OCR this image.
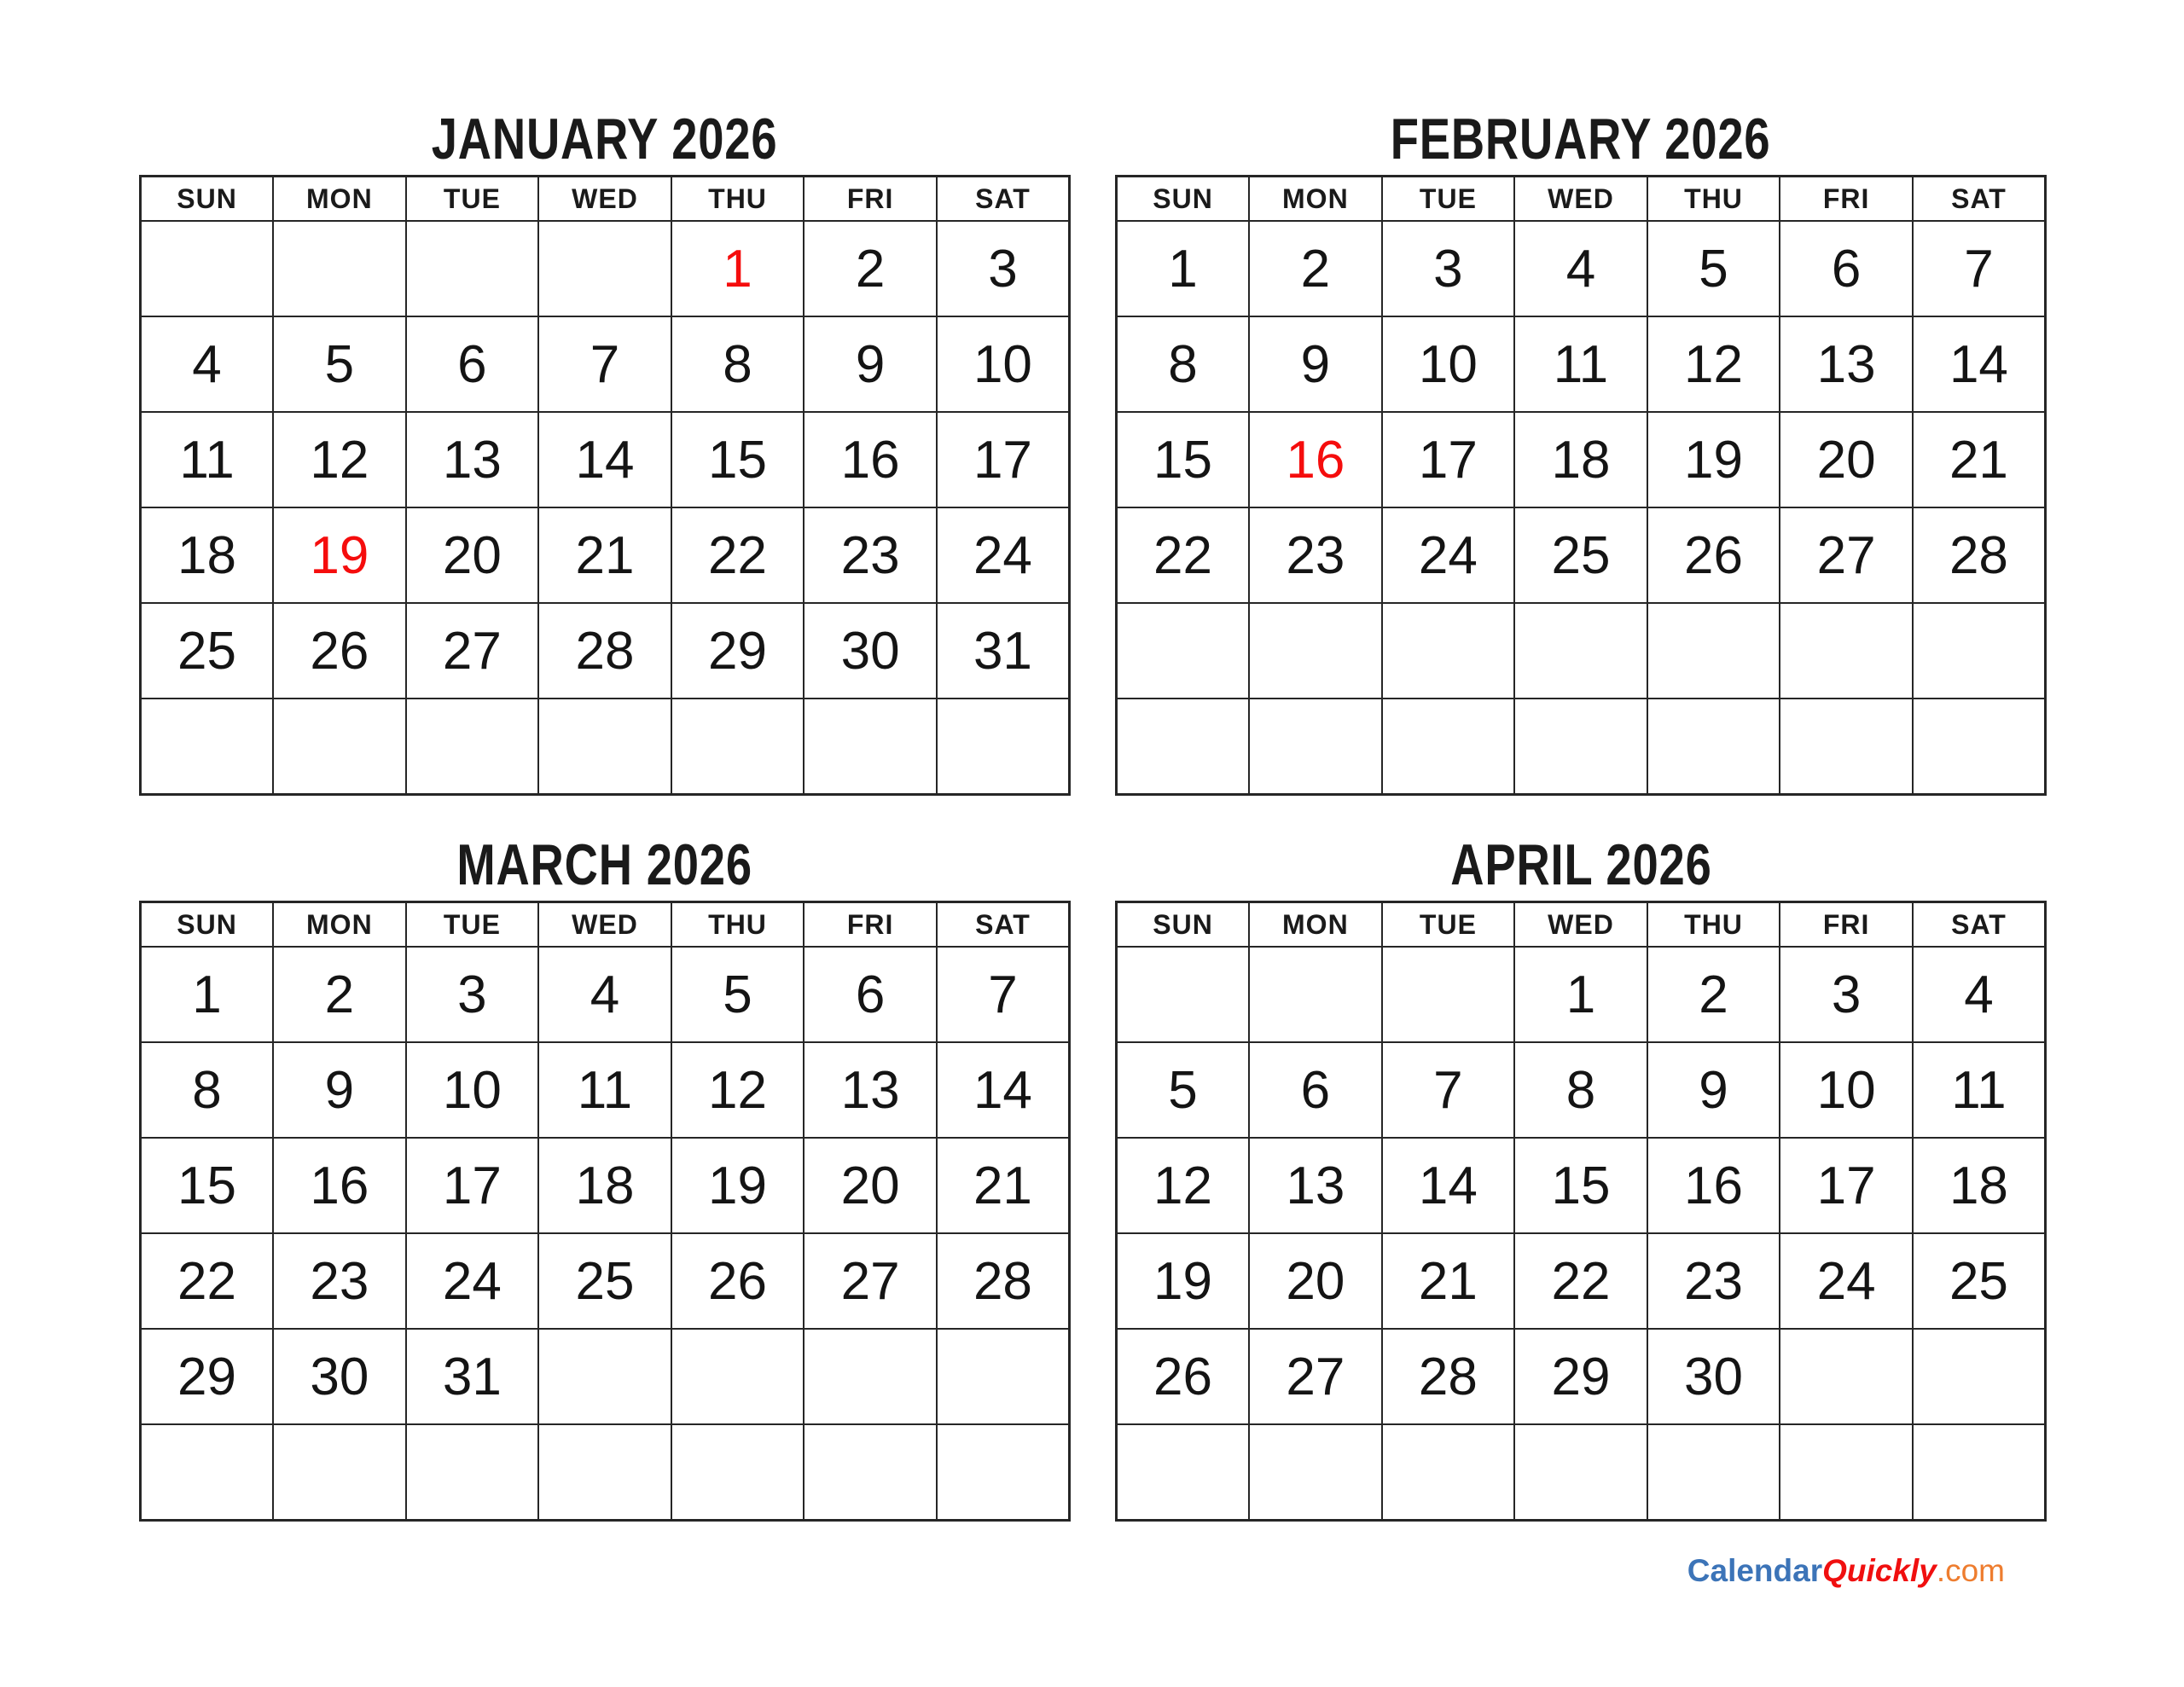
JANUARY 2026
SUN	MON	TUE	WED	THU	FRI	SAT
				1	2	3
4	5	6	7	8	9	10
11	12	13	14	15	16	17
18	19	20	21	22	23	24
25	26	27	28	29	30	31

FEBRUARY 2026
SUN	MON	TUE	WED	THU	FRI	SAT
1	2	3	4	5	6	7
8	9	10	11	12	13	14
15	16	17	18	19	20	21
22	23	24	25	26	27	28

MARCH 2026
SUN	MON	TUE	WED	THU	FRI	SAT
1	2	3	4	5	6	7
8	9	10	11	12	13	14
15	16	17	18	19	20	21
22	23	24	25	26	27	28
29	30	31				

APRIL 2026
SUN	MON	TUE	WED	THU	FRI	SAT
			1	2	3	4
5	6	7	8	9	10	11
12	13	14	15	16	17	18
19	20	21	22	23	24	25
26	27	28	29	30		

CalendarQuickly.com
